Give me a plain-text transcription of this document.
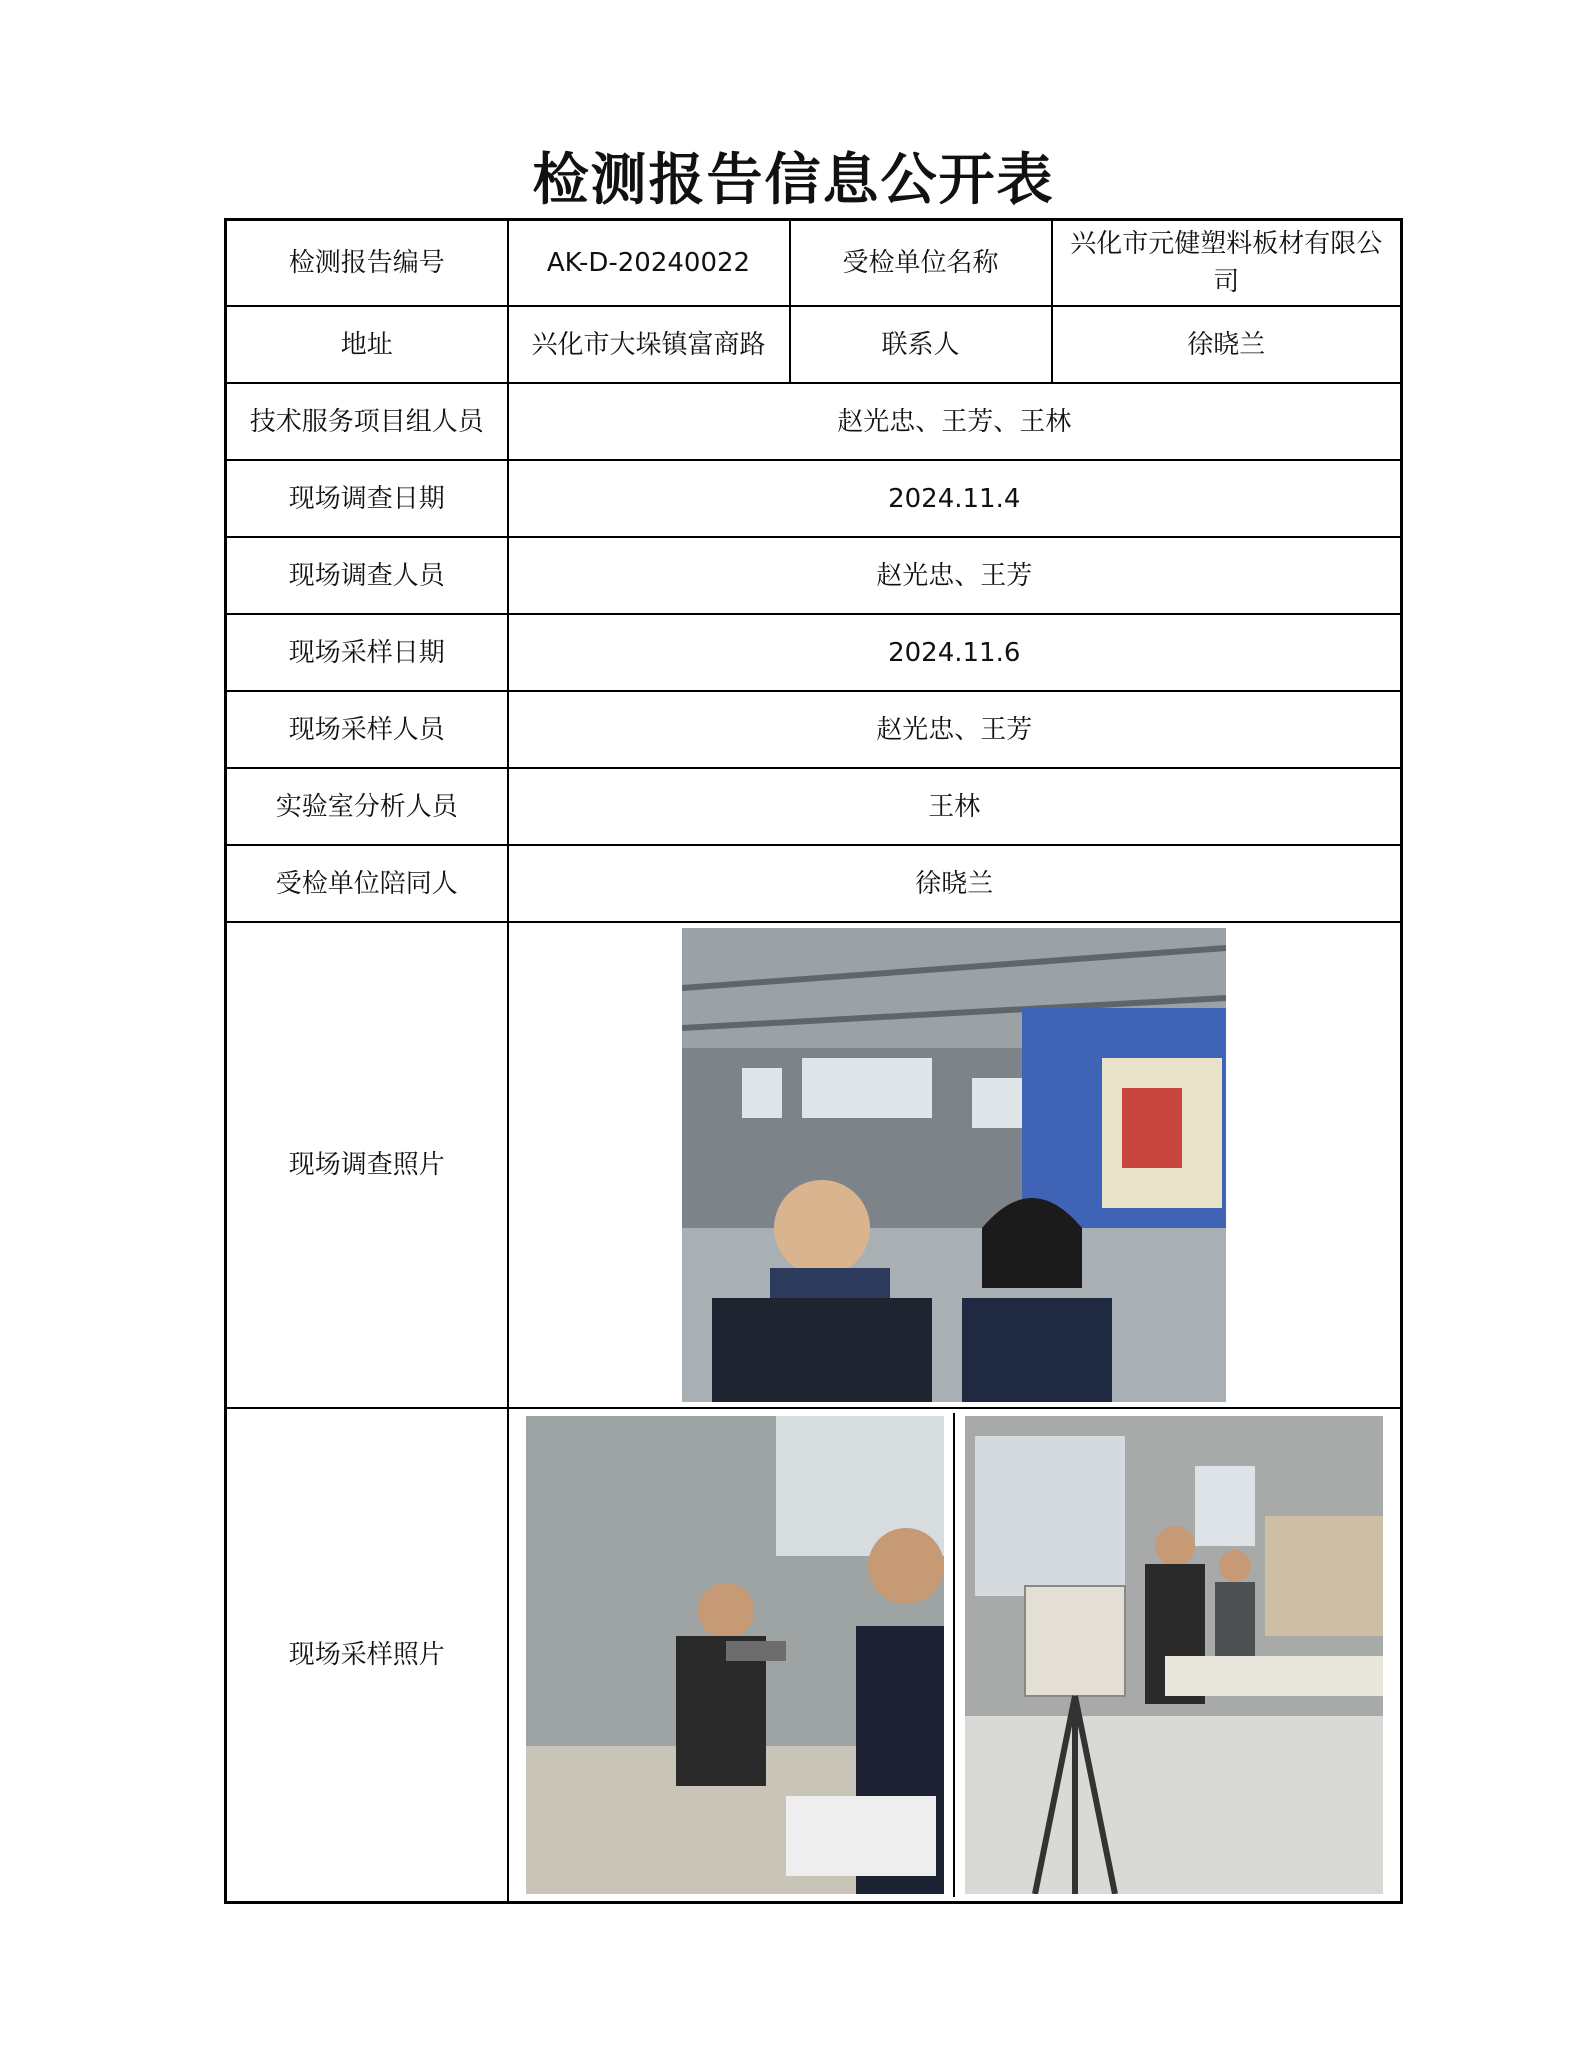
检测报告信息公开表
检测报告编号	AK-D-20240022	受检单位名称	兴化市元健塑料板材有限公司
地址	兴化市大垛镇富商路	联系人	徐晓兰
技术服务项目组人员	赵光忠、王芳、王林		
现场调查日期	2024.11.4		
现场调查人员	赵光忠、王芳		
现场采样日期	2024.11.6		
现场采样人员	赵光忠、王芳		
实验室分析人员	王林		
受检单位陪同人	徐晓兰		
现场调查照片	

现场采样照片	
